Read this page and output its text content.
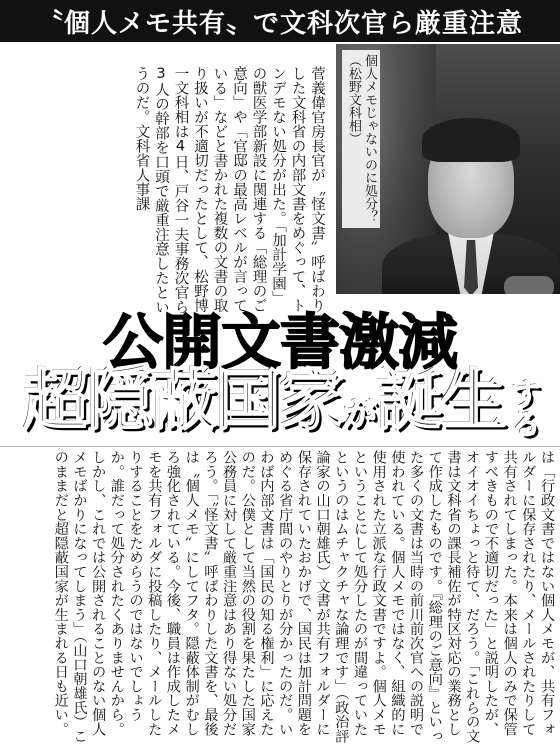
〝個人メモ共有〟で文科次官ら厳重注意
菅義偉官房長官が〝怪文書〟呼ばわりした文科省の内部文書をめぐって、トンデモない処分が出た。「加計学園」の獣医学部新設に関連する「総理のご意向」や「官邸の最高レベルが言っている」などと書かれた複数の文書の取り扱いが不適切だったとして、松野博一文科相は4日、戸谷一夫事務次官ら3人の幹部を口頭で厳重注意したというのだ。文科省人事課	個人メモじゃないのに処分？（松野文科相）
公開文書激減
超隠蔽国家 が 誕生 する
は「行政文書ではない個人メモが、共有フォルダーに保存されたり、メールされたりして共有されてしまった。本来は個人のみで保管すべきもので不適切だった」と説明したが、オイオイちょっと待て、だろう。「これらの文書は文科省の課長補佐が特区対応の業務として作成したものです。『総理のご意向』といった多くの文書は当時の前川前次官への説明で使われている。個人メモではなく、組織的に使用された立派な行政文書ですよ。個人メモということにして処分したのが間違っていたというのはムチャクチャな論理です」（政治評論家の山口朝雄氏）文書が共有フォルダーに保存されていたおかげで、国民は加計問題をめぐる省庁間のやりとりが分かったのだ。いわば内部文書は「国民の知る権利」に応えたのだ。公僕として当然の役割を果たした国家公務員に対して厳重注意はあり得ない処分だろう。「〝怪文書〟呼ばわりした文書を、最後は〝個人メモ〟にしてフタ。隠蔽体制がむしろ強化されている。今後、職員は作成したメモを共有フォルダに投稿したり、メールしたりすることをためらうのではないでしょうか。誰だって処分されたくありませんから。しかし、これでは公開されることのない個人メモばかりになってしまう」（山口朝雄氏）このままだと超隠蔽国家が生まれる日も近い。
